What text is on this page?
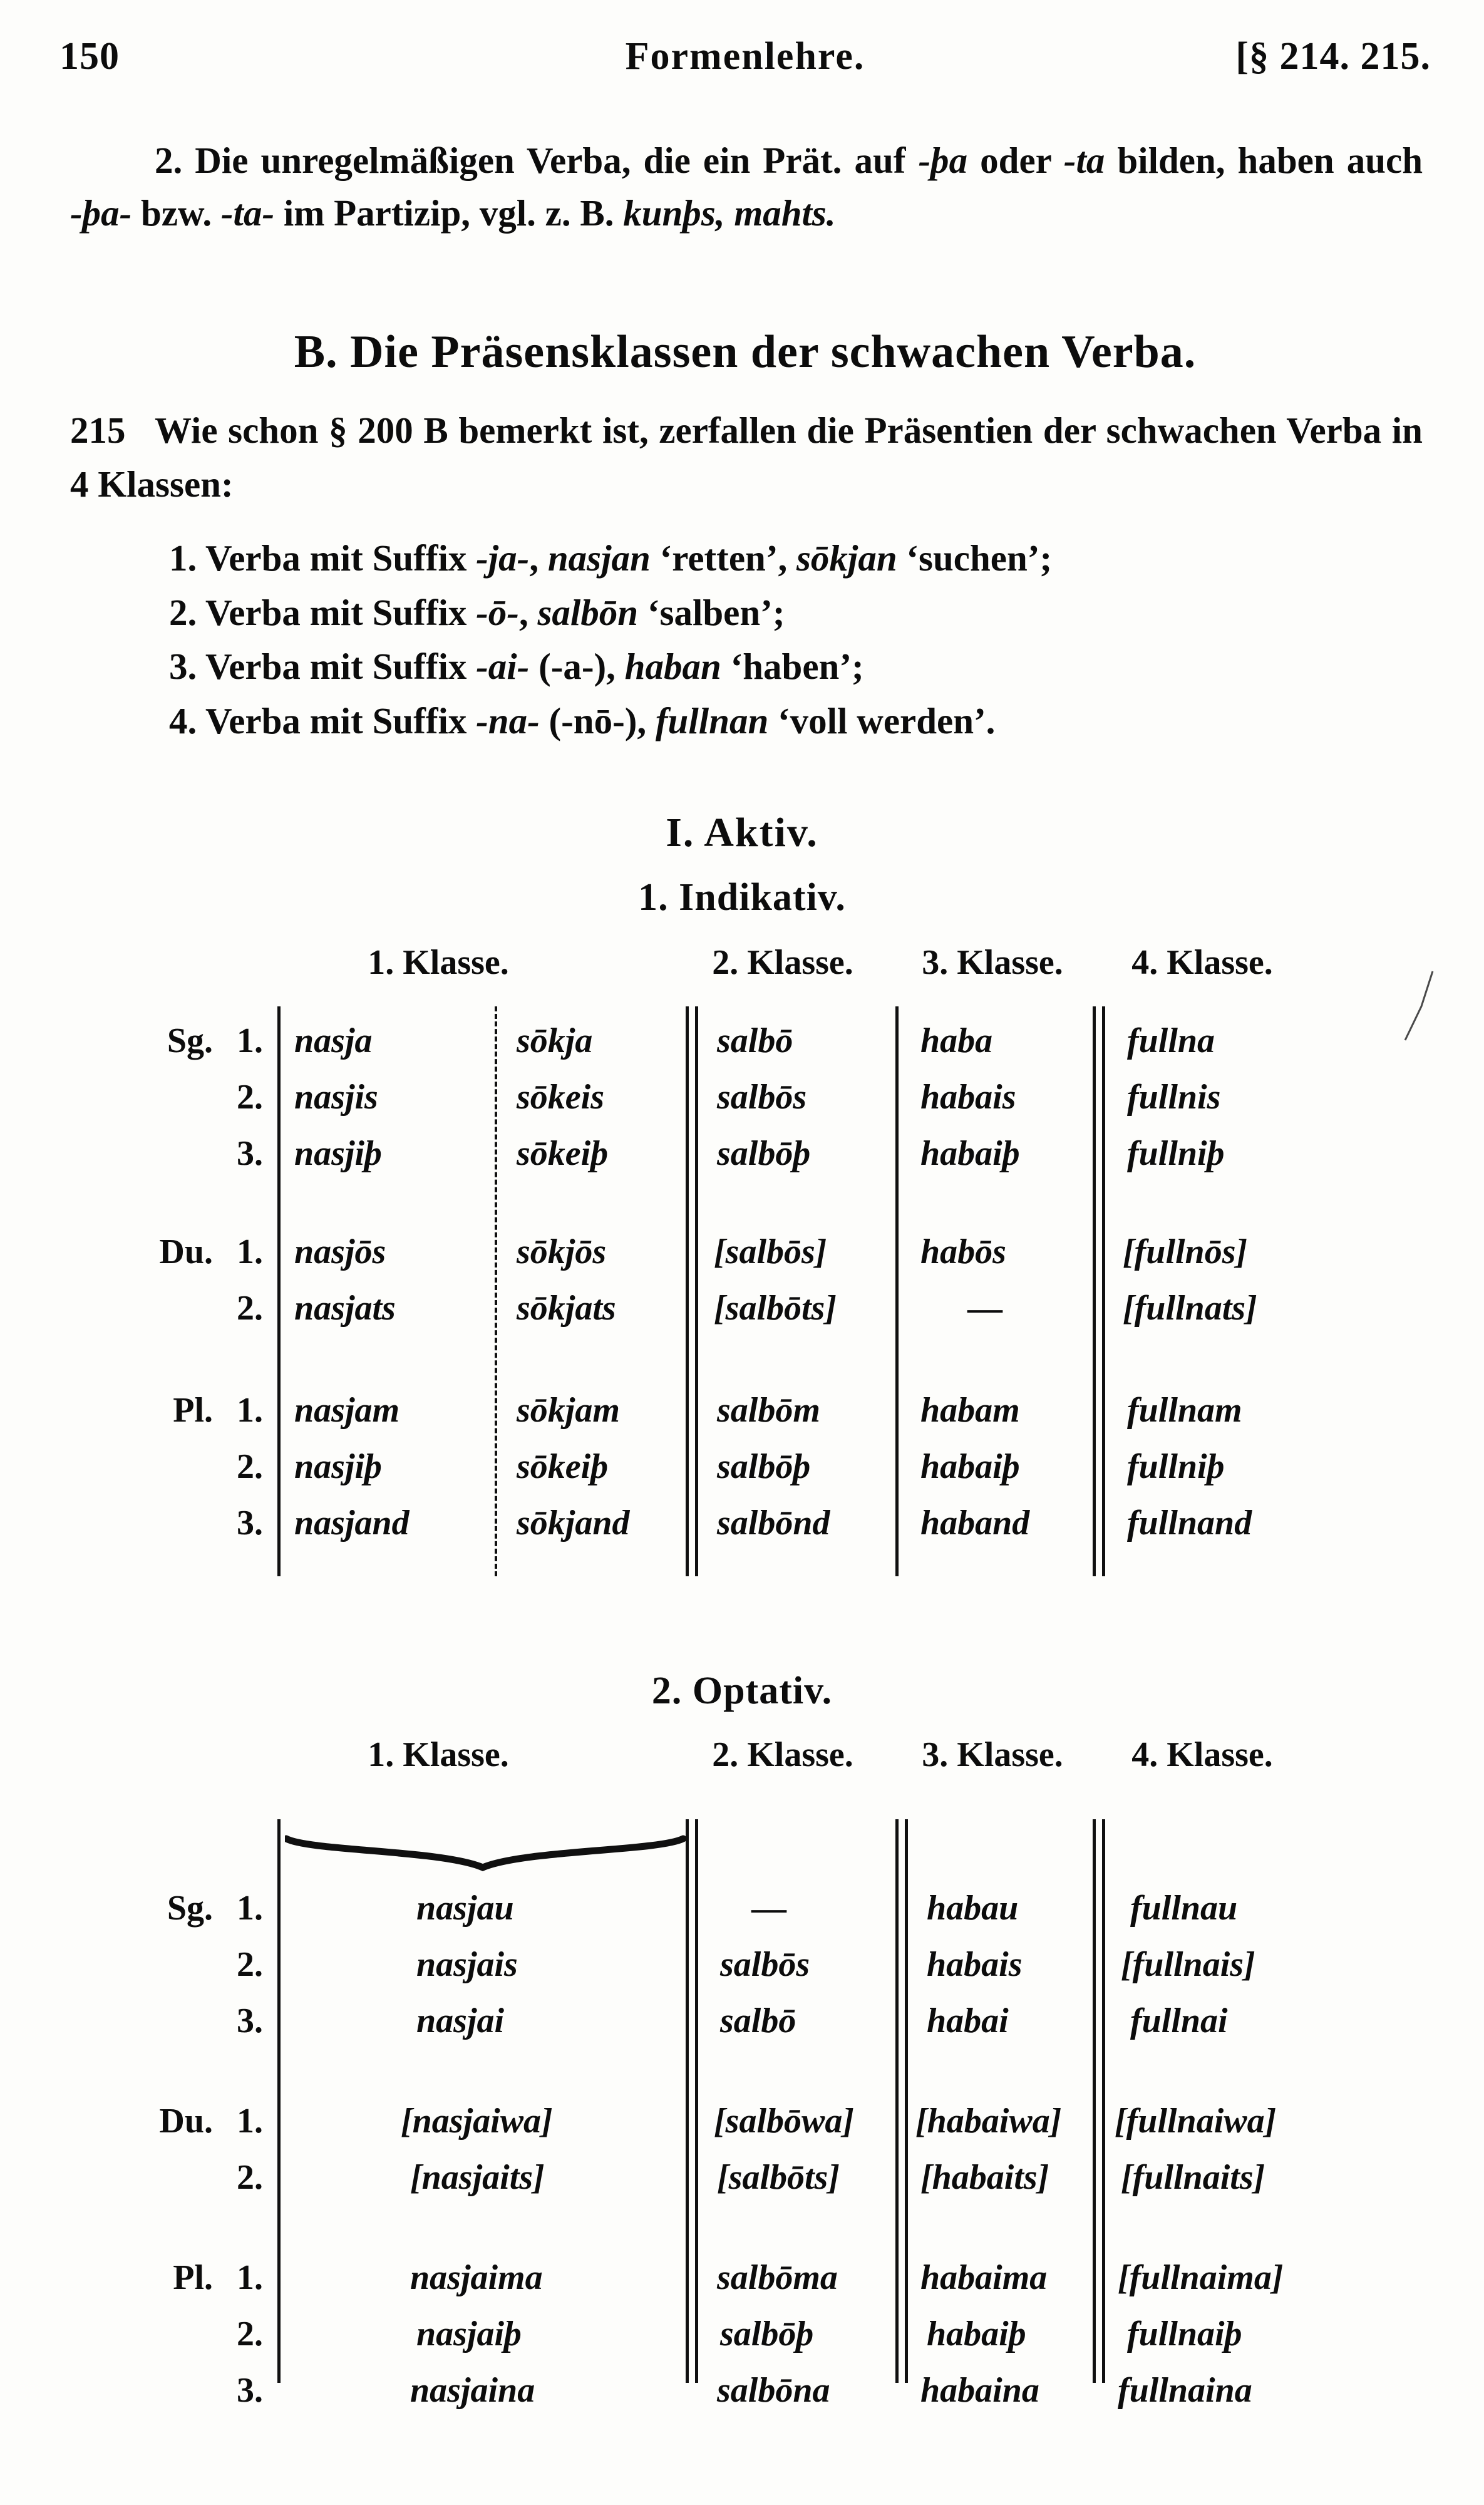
150	Formenlehre.	[§ 214. 215.
2. Die unregelmäßigen Verba, die ein Prät. auf -þa oder -ta bilden, haben auch -þa- bzw. -ta- im Partizip, vgl. z. B. kunþs, mahts.
B. Die Präsensklassen der schwachen Verba.
215 Wie schon § 200 B bemerkt ist, zerfallen die Präsentien der schwachen Verba in 4 Klassen:
1. Verba mit Suffix -ja-, nasjan ‘retten’, sōkjan ‘suchen’;
2. Verba mit Suffix -ō-, salbōn ‘salben’;
3. Verba mit Suffix -ai- (-a-), haban ‘haben’;
4. Verba mit Suffix -na- (-nō-), fullnan ‘voll werden’.
I. Aktiv.
1. Indikativ.
1. Klasse.	2. Klasse.	3. Klasse.	4. Klasse.
Sg. 1. nasja	sōkja	salbō	haba	fullna
2. nasjis	sōkeis	salbōs	habais	fullnis
3. nasjiþ	sōkeiþ	salbōþ	habaiþ	fullniþ
Du. 1. nasjōs	sōkjōs	[salbōs]	habōs	[fullnōs]
2. nasjats	sōkjats	[salbōts]	—	[fullnats]
Pl. 1. nasjam	sōkjam	salbōm	habam	fullnam
2. nasjiþ	sōkeiþ	salbōþ	habaiþ	fullniþ
3. nasjand	sōkjand salbōnd	haband	fullnand
2. Optativ.
1. Klasse.	2. Klasse.	3. Klasse.	4. Klasse.
Sg. 1.	nasjau	—	habau	fullnau
2.	nasjais	salbōs	habais	[fullnais]
3.	nasjai	salbō	habai	fullnai
Du. 1.	[nasjaiwa]	[salbōwa] [habaiwa] [fullnaiwa]
2.	[nasjaits]	[salbōts] [habaits] [fullnaits]
Pl. 1.	nasjaima	salbōma habaima [fullnaima]
2.	nasjaiþ	salbōþ	habaiþ	fullnaiþ
3.	nasjaina	salbōna	habaina fullnaina
